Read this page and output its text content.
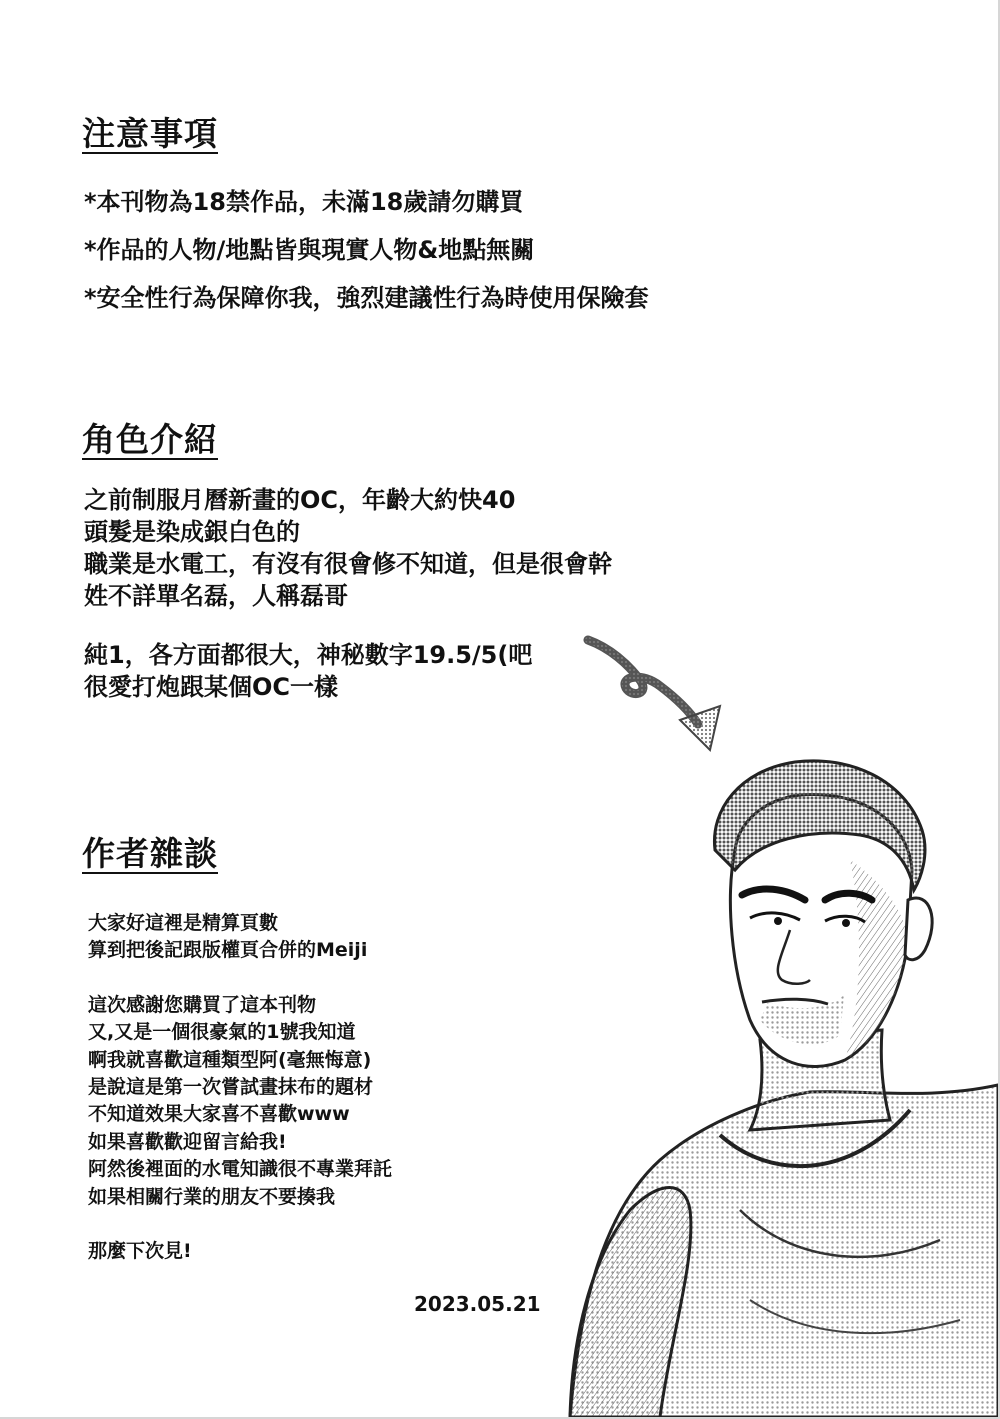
注意事項
*本刊物為18禁作品，未滿18歲請勿購買
*作品的人物/地點皆與現實人物&地點無關
*安全性行為保障你我，強烈建議性行為時使用保險套
角色介紹
之前制服月曆新畫的OC，年齡大約快40
頭髮是染成銀白色的
職業是水電工，有沒有很會修不知道，但是很會幹
姓不詳單名磊，人稱磊哥
純1，各方面都很大，神秘數字19.5/5(吧
很愛打炮跟某個OC一樣
作者雜談
大家好這裡是精算頁數
算到把後記跟版權頁合併的Meiji
這次感謝您購買了這本刊物
又,又是一個很豪氣的1號我知道
啊我就喜歡這種類型阿(毫無悔意)
是說這是第一次嘗試畫抹布的題材
不知道效果大家喜不喜歡www
如果喜歡歡迎留言給我!
阿然後裡面的水電知識很不專業拜託
如果相關行業的朋友不要揍我
那麼下次見!
2023.05.21
